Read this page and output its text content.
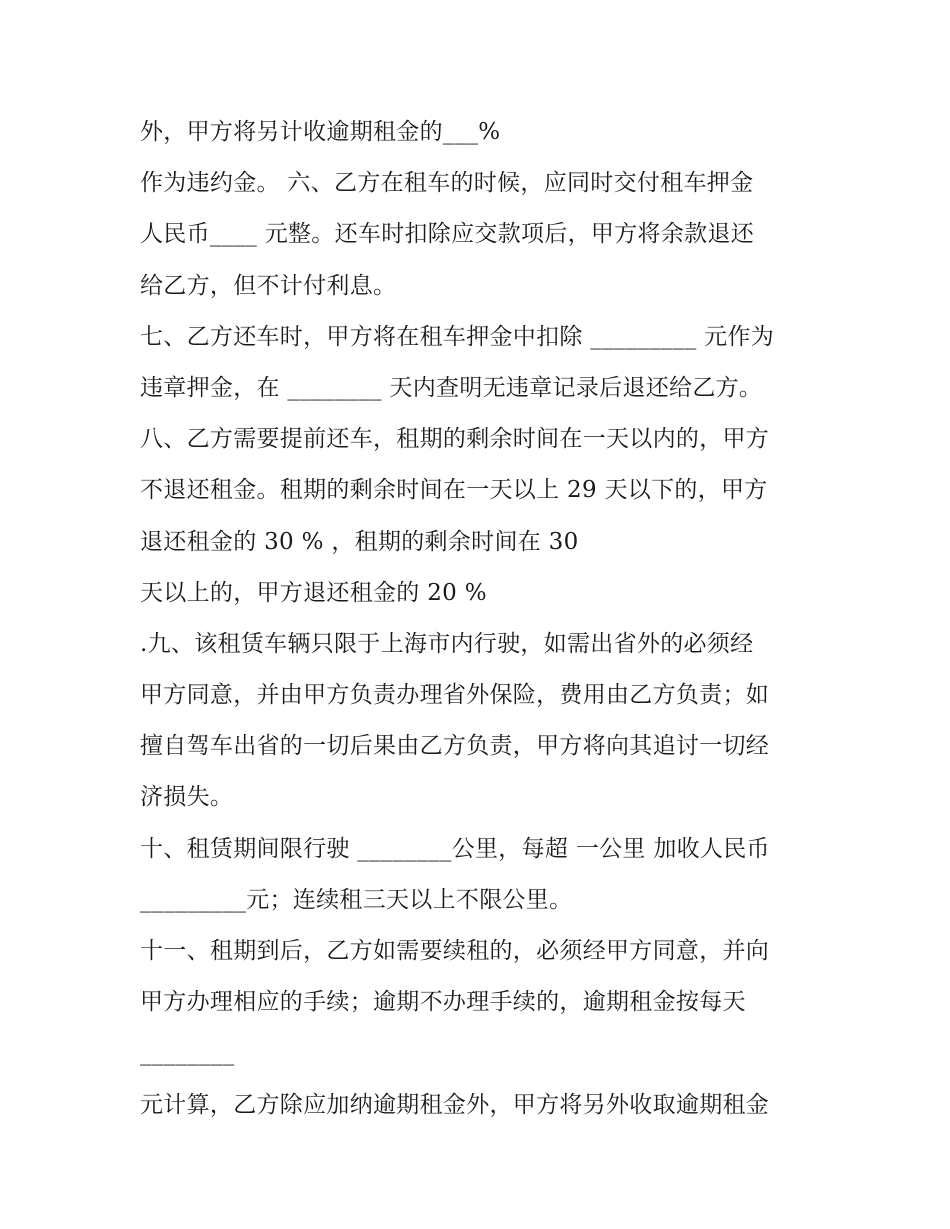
外，甲方将另计收逾期租金的___%
作为违约金。 六、乙方在租车的时候，应同时交付租车押金
人民币____ 元整。还车时扣除应交款项后，甲方将余款退还
给乙方，但不计付利息。
七、乙方还车时，甲方将在租车押金中扣除 _________ 元作为
违章押金，在 ________ 天内查明无违章记录后退还给乙方。
八、乙方需要提前还车，租期的剩余时间在一天以内的，甲方
不退还租金。租期的剩余时间在一天以上 29 天以下的，甲方
退还租金的 30 % ，租期的剩余时间在 30
天以上的，甲方退还租金的 20 %
.九、该租赁车辆只限于上海市内行驶，如需出省外的必须经
甲方同意，并由甲方负责办理省外保险，费用由乙方负责；如
擅自驾车出省的一切后果由乙方负责，甲方将向其追讨一切经
济损失。
十、租赁期间限行驶 ________公里，每超 一公里 加收人民币
_________元；连续租三天以上不限公里。
十一、租期到后，乙方如需要续租的，必须经甲方同意，并向
甲方办理相应的手续；逾期不办理手续的，逾期租金按每天
________
元计算，乙方除应加纳逾期租金外，甲方将另外收取逾期租金
